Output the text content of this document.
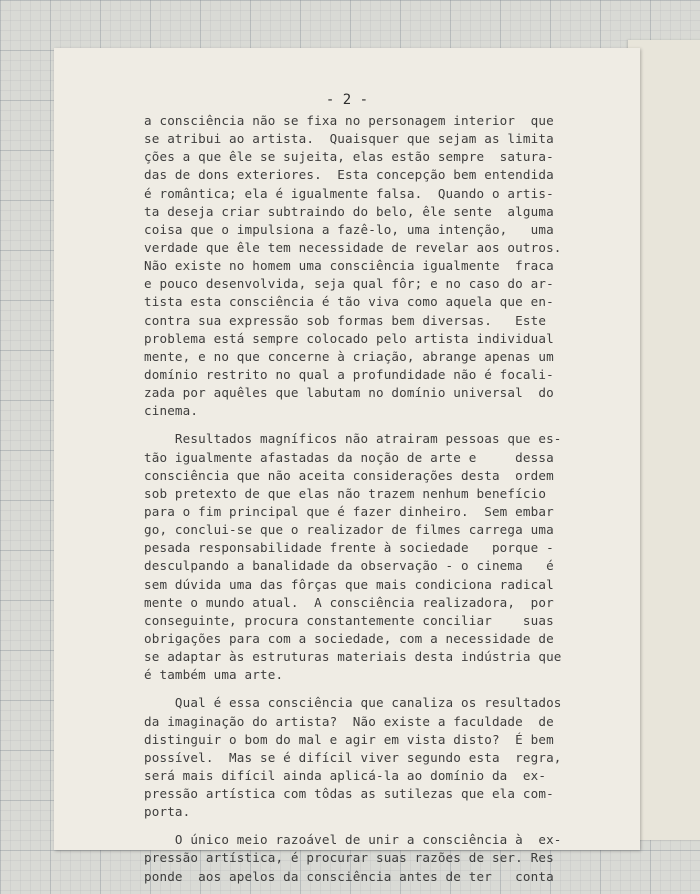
- 2 -
a consciência não se fixa no personagem interior  que
se atribui ao artista.  Quaisquer que sejam as limita
ções a que êle se sujeita, elas estão sempre  satura-
das de dons exteriores.  Esta concepção bem entendida
é romântica; ela é igualmente falsa.  Quando o artis-
ta deseja criar subtraindo do belo, êle sente  alguma
coisa que o impulsiona a fazê-lo, uma intenção,   uma
verdade que êle tem necessidade de revelar aos outros.
Não existe no homem uma consciência igualmente  fraca
e pouco desenvolvida, seja qual fôr; e no caso do ar-
tista esta consciência é tão viva como aquela que en-
contra sua expressão sob formas bem diversas.   Este
problema está sempre colocado pelo artista individual
mente, e no que concerne à criação, abrange apenas um
domínio restrito no qual a profundidade não é focali-
zada por aquêles que labutam no domínio universal  do
cinema.
Resultados magníficos não atrairam pessoas que es-
tão igualmente afastadas da noção de arte e     dessa
consciência que não aceita considerações desta  ordem
sob pretexto de que elas não trazem nenhum benefício
para o fim principal que é fazer dinheiro.  Sem embar
go, conclui-se que o realizador de filmes carrega uma
pesada responsabilidade frente à sociedade   porque -
desculpando a banalidade da observação - o cinema   é
sem dúvida uma das fôrças que mais condiciona radical
mente o mundo atual.  A consciência realizadora,  por
conseguinte, procura constantemente conciliar    suas
obrigações para com a sociedade, com a necessidade de
se adaptar às estruturas materiais desta indústria que
é também uma arte.
Qual é essa consciência que canaliza os resultados
da imaginação do artista?  Não existe a faculdade  de
distinguir o bom do mal e agir em vista disto?  É bem
possível.  Mas se é difícil viver segundo esta  regra,
será mais difícil ainda aplicá-la ao domínio da  ex-
pressão artística com tôdas as sutilezas que ela com-
porta.
O único meio razoável de unir a consciência à  ex-
pressão artística, é procurar suas razões de ser. Res
ponde  aos apelos da consciência antes de ter   conta
